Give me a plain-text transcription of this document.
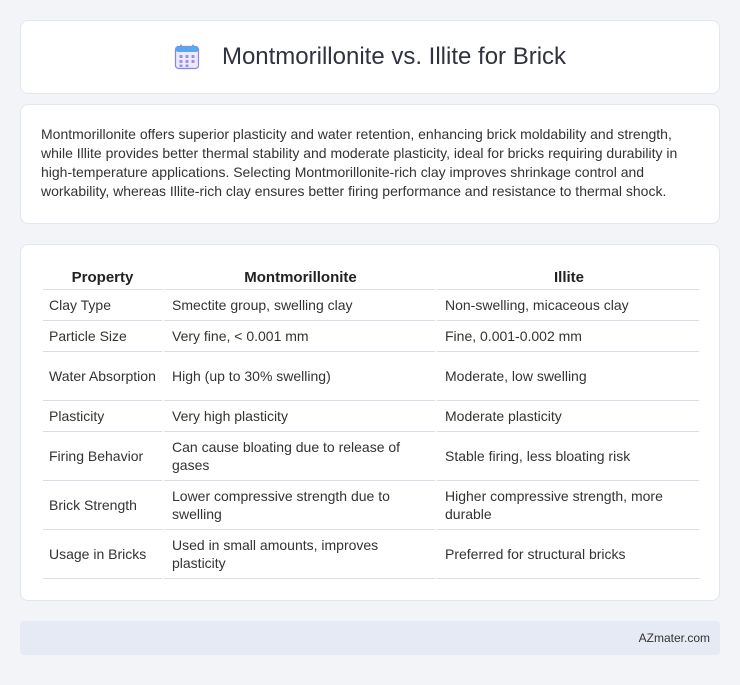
Montmorillonite vs. Illite for Brick

Montmorillonite offers superior plasticity and water retention, enhancing brick moldability and strength, while Illite provides better thermal stability and moderate plasticity, ideal for bricks requiring durability in high-temperature applications. Selecting Montmorillonite-rich clay improves shrinkage control and workability, whereas Illite-rich clay ensures better firing performance and resistance to thermal shock.

Property	Montmorillonite	Illite
Clay Type	Smectite group, swelling clay	Non-swelling, micaceous clay
Particle Size	Very fine, < 0.001 mm	Fine, 0.001-0.002 mm
Water Absorption	High (up to 30% swelling)	Moderate, low swelling
Plasticity	Very high plasticity	Moderate plasticity
Firing Behavior	Can cause bloating due to release of gases	Stable firing, less bloating risk
Brick Strength	Lower compressive strength due to swelling	Higher compressive strength, more durable
Usage in Bricks	Used in small amounts, improves plasticity	Preferred for structural bricks
AZmater.com
